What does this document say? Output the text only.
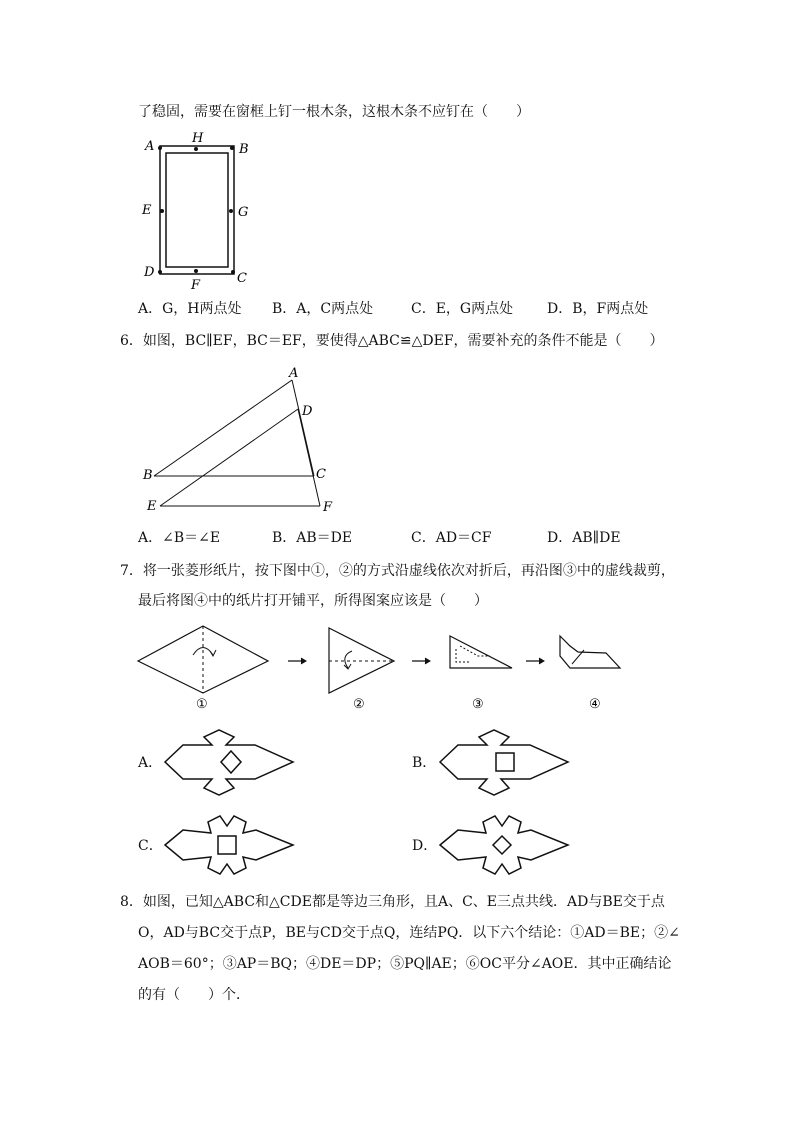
了稳固，需要在窗框上钉一根木条，这根木条不应钉在（　　）
A
H
B
E	G
D
F	C
A．G，H两点处 B．A，C两点处	C．E，G两点处 D．B，F两点处
6．如图，BC∥EF，BC＝EF，要使得△ABC≌△DEF，需要补充的条件不能是（　　）
A
D
B	C
E	F
A．∠B＝∠E	B．AB＝DE	C．AD＝CF	D．AB∥DE
7．将一张菱形纸片，按下图中①，②的方式沿虚线依次对折后，再沿图③中的虚线裁剪，
最后将图④中的纸片打开铺平，所得图案应该是（　　）
①	②	③	④
A．	B．
C．	D．
8．如图，已知△ABC和△CDE都是等边三角形，且A、C、E三点共线．AD与BE交于点
O，AD与BC交于点P，BE与CD交于点Q，连结PQ．以下六个结论：①AD＝BE；②∠
AOB＝60°；③AP＝BQ；④DE＝DP；⑤PQ∥AE；⑥OC平分∠AOE．其中正确结论
的有（　　）个．
